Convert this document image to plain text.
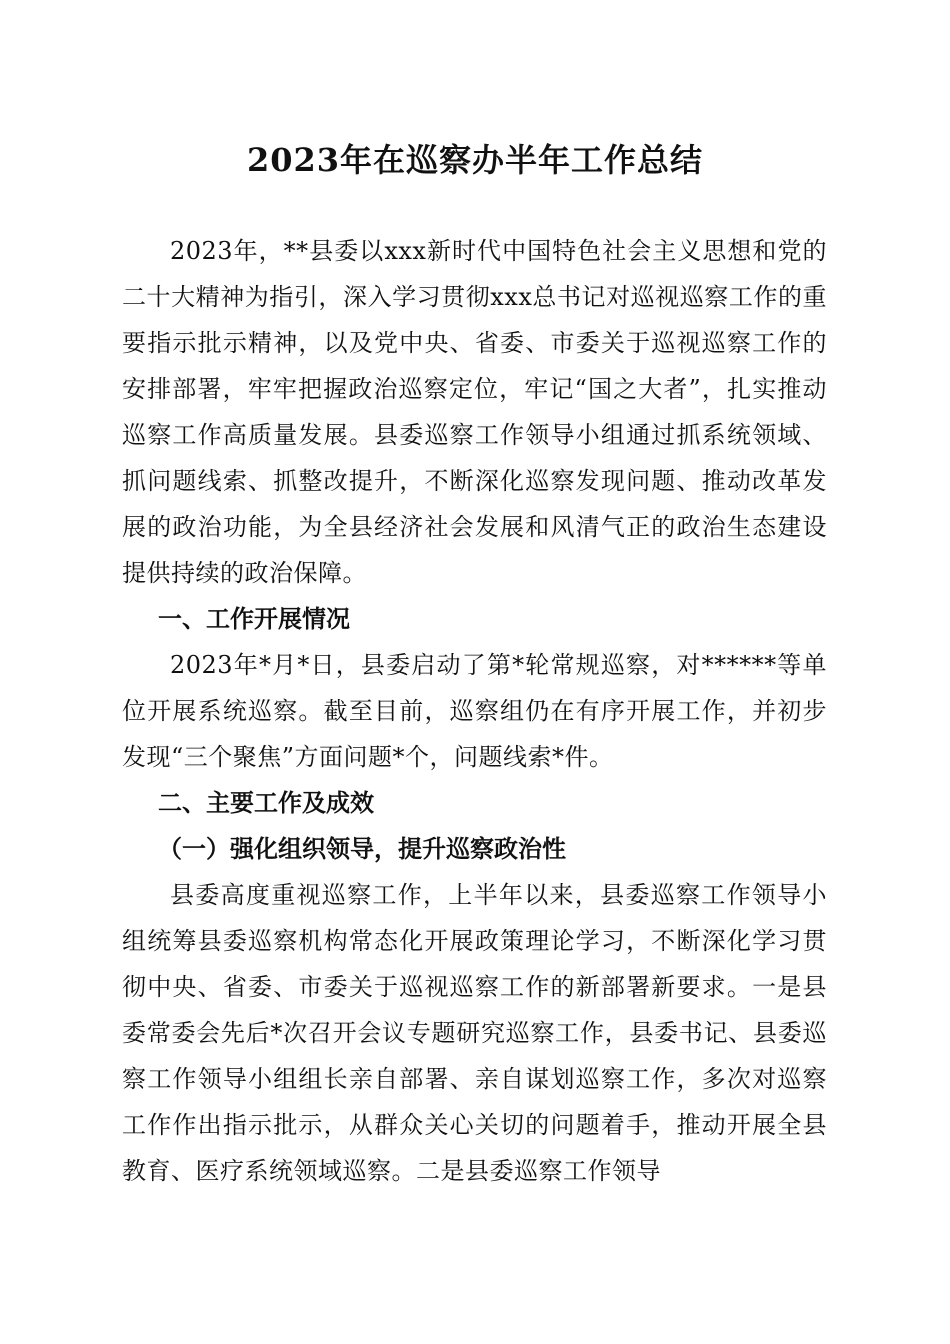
2023年在巡察办半年工作总结

2023年，**县委以xxx新时代中国特色社会主义思想和党的二十大精神为指引，深入学习贯彻xxx总书记对巡视巡察工作的重要指示批示精神，以及党中央、省委、市委关于巡视巡察工作的安排部署，牢牢把握政治巡察定位，牢记“国之大者”，扎实推动巡察工作高质量发展。县委巡察工作领导小组通过抓系统领域、抓问题线索、抓整改提升，不断深化巡察发现问题、推动改革发展的政治功能，为全县经济社会发展和风清气正的政治生态建设提供持续的政治保障。

一、工作开展情况

2023年*月*日，县委启动了第*轮常规巡察，对******等单位开展系统巡察。截至目前，巡察组仍在有序开展工作，并初步发现“三个聚焦”方面问题*个，问题线索*件。

二、主要工作及成效

（一）强化组织领导，提升巡察政治性

县委高度重视巡察工作，上半年以来，县委巡察工作领导小组统筹县委巡察机构常态化开展政策理论学习，不断深化学习贯彻中央、省委、市委关于巡视巡察工作的新部署新要求。一是县委常委会先后*次召开会议专题研究巡察工作，县委书记、县委巡察工作领导小组组长亲自部署、亲自谋划巡察工作，多次对巡察工作作出指示批示，从群众关心关切的问题着手，推动开展全县教育、医疗系统领域巡察。二是县委巡察工作领导
